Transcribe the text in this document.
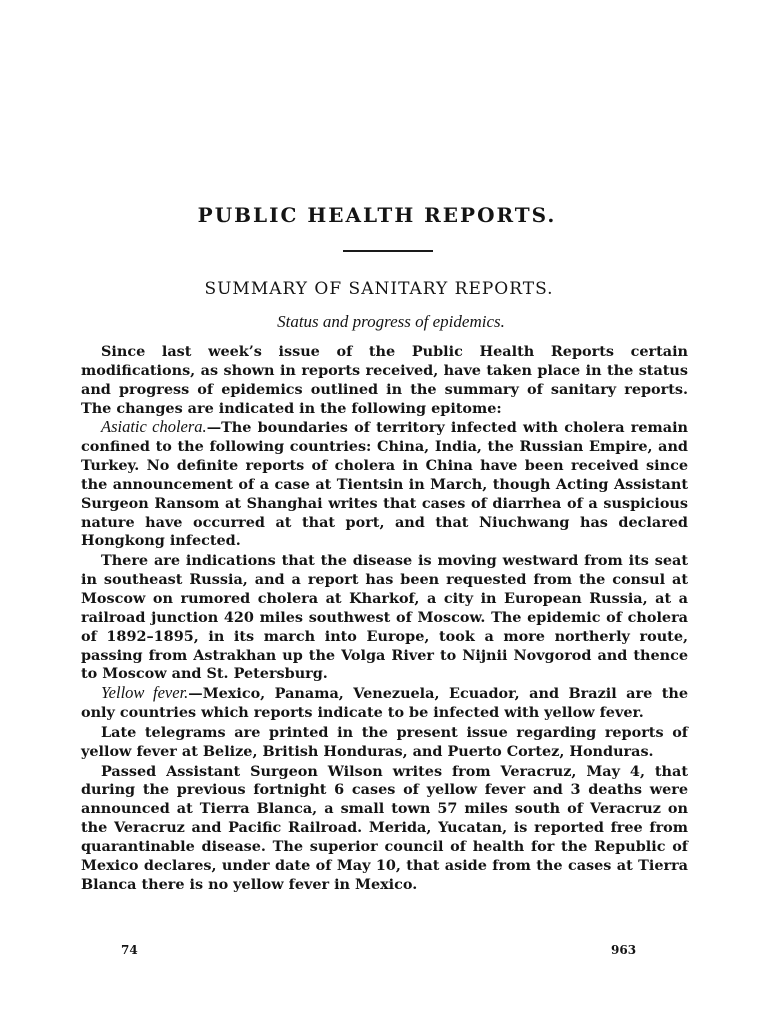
PUBLIC HEALTH REPORTS.
SUMMARY OF SANITARY REPORTS.
Status and progress of epidemics.

Since last week’s issue of the Public Health Reports certain modifications, as shown in reports received, have taken place in the status and progress of epidemics outlined in the summary of sanitary reports. The changes are indicated in the following epitome:

Asiatic cholera.—The boundaries of territory infected with cholera remain confined to the following countries: China, India, the Russian Empire, and Turkey. No definite reports of cholera in China have been received since the announcement of a case at Tientsin in March, though Acting Assistant Surgeon Ransom at Shanghai writes that cases of diarrhea of a suspicious nature have occurred at that port, and that Niuchwang has declared Hongkong infected.

There are indications that the disease is moving westward from its seat in southeast Russia, and a report has been requested from the consul at Moscow on rumored cholera at Kharkof, a city in European Russia, at a railroad junction 420 miles southwest of Moscow. The epidemic of cholera of 1892–1895, in its march into Europe, took a more northerly route, passing from Astrakhan up the Volga River to Nijnii Novgorod and thence to Moscow and St. Petersburg.

Yellow fever.—Mexico, Panama, Venezuela, Ecuador, and Brazil are the only countries which reports indicate to be infected with yellow fever.

Late telegrams are printed in the present issue regarding reports of yellow fever at Belize, British Honduras, and Puerto Cortez, Honduras.

Passed Assistant Surgeon Wilson writes from Veracruz, May 4, that during the previous fortnight 6 cases of yellow fever and 3 deaths were announced at Tierra Blanca, a small town 57 miles south of Veracruz on the Veracruz and Pacific Railroad. Merida, Yucatan, is reported free from quarantinable disease. The superior council of health for the Republic of Mexico declares, under date of May 10, that aside from the cases at Tierra Blanca there is no yellow fever in Mexico.

74	963
